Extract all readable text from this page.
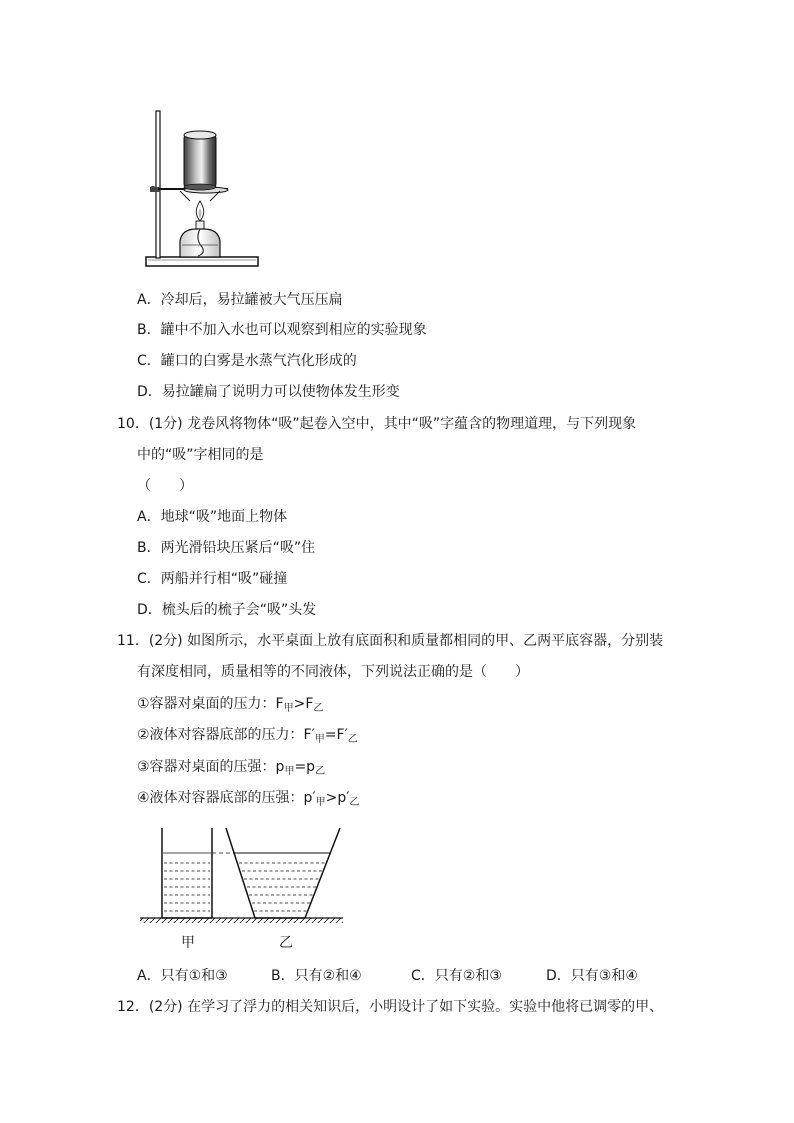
A．冷却后，易拉罐被大气压压扁
B．罐中不加入水也可以观察到相应的实验现象
C．罐口的白雾是水蒸气汽化形成的
D．易拉罐扁了说明力可以使物体发生形变
10．(1分) 龙卷风将物体“吸”起卷入空中，其中“吸”字蕴含的物理道理，与下列现象
中的“吸”字相同的是
（　　）
A．地球“吸”地面上物体
B．两光滑铅块压紧后“吸”住
C．两船并行相“吸”碰撞
D．梳头后的梳子会“吸”头发
11．(2分) 如图所示，水平桌面上放有底面积和质量都相同的甲、乙两平底容器，分别装
有深度相同，质量相等的不同液体，下列说法正确的是（　　）
①容器对桌面的压力：$F_甲>F_乙$
②液体对容器底部的压力：$F'_甲=F'_乙$
③容器对桌面的压强：$p_甲=p_乙$
④液体对容器底部的压强：$p'_甲>p'_乙$
甲	乙
A．只有①和③	B．只有②和④	C．只有②和③	D．只有③和④
12．(2分) 在学习了浮力的相关知识后，小明设计了如下实验。实验中他将已调零的甲、
